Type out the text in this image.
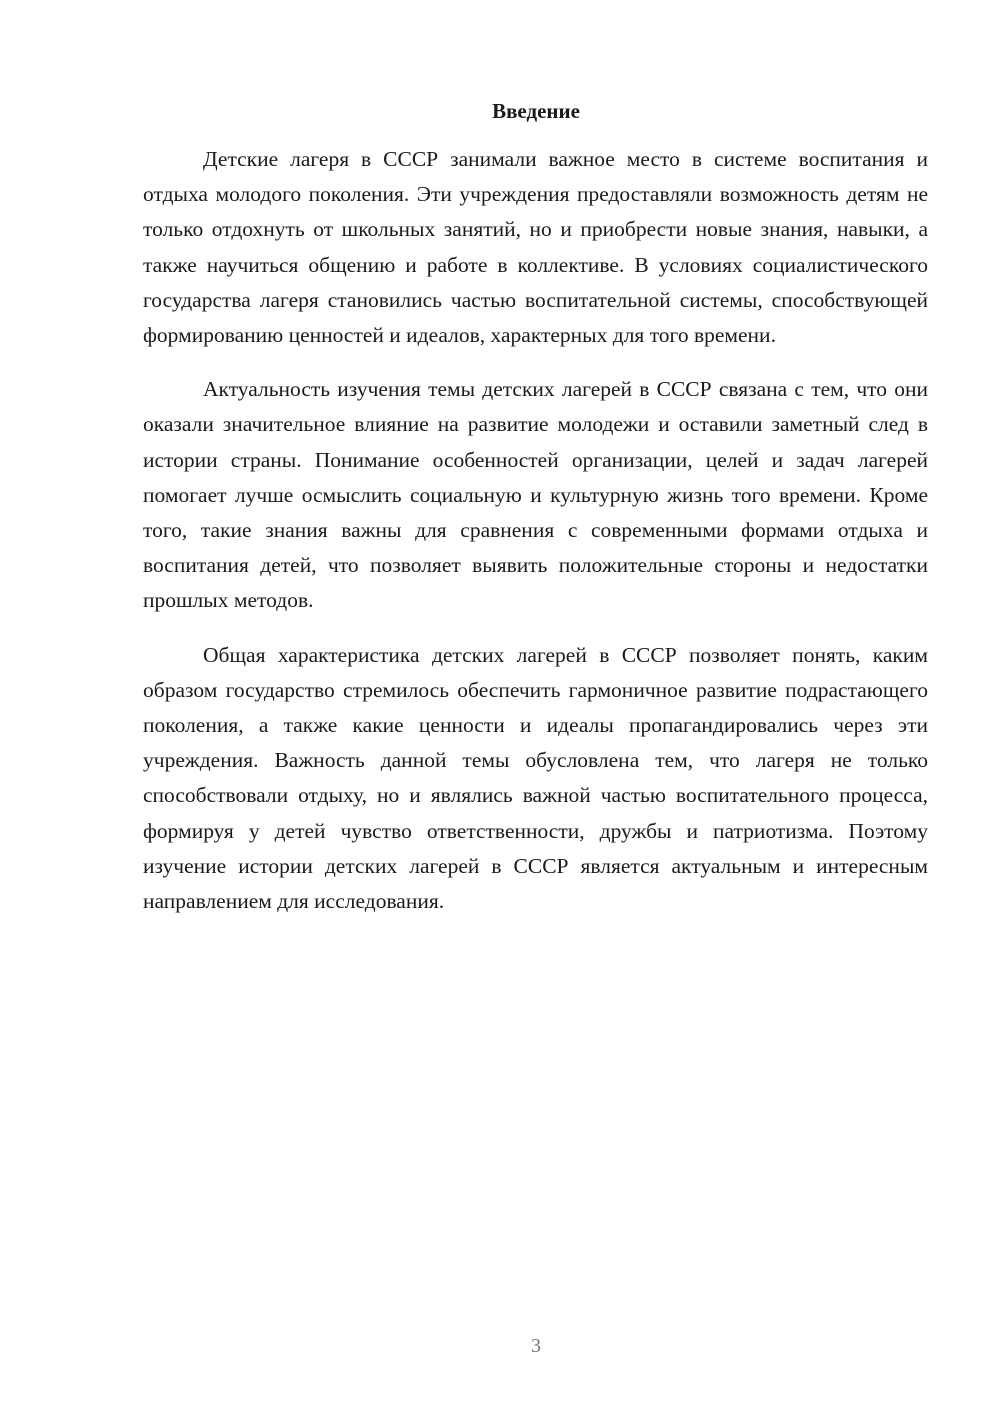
Введение

Детские лагеря в СССР занимали важное место в системе воспитания и отдыха молодого поколения. Эти учреждения предоставляли возможность детям не только отдохнуть от школьных занятий, но и приобрести новые знания, навыки, а также научиться общению и работе в коллективе. В условиях социалистического государства лагеря становились частью воспитательной системы, способствующей формированию ценностей и идеалов, характерных для того времени.

Актуальность изучения темы детских лагерей в СССР связана с тем, что они оказали значительное влияние на развитие молодежи и оставили заметный след в истории страны. Понимание особенностей организации, целей и задач лагерей помогает лучше осмыслить социальную и культурную жизнь того времени. Кроме того, такие знания важны для сравнения с современными формами отдыха и воспитания детей, что позволяет выявить положительные стороны и недостатки прошлых методов.

Общая характеристика детских лагерей в СССР позволяет понять, каким образом государство стремилось обеспечить гармоничное развитие подрастающего поколения, а также какие ценности и идеалы пропагандировались через эти учреждения. Важность данной темы обусловлена тем, что лагеря не только способствовали отдыху, но и являлись важной частью воспитательного процесса, формируя у детей чувство ответственности, дружбы и патриотизма. Поэтому изучение истории детских лагерей в СССР является актуальным и интересным направлением для исследования.

3
